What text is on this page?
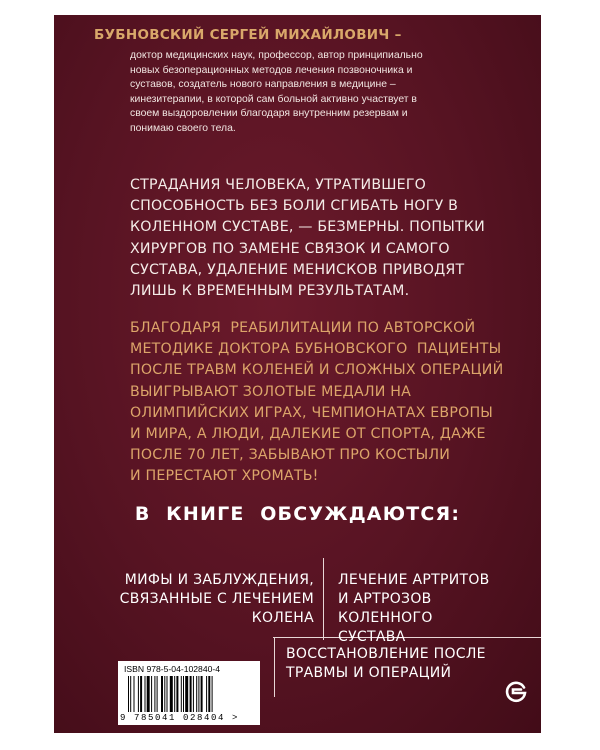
БУБНОВСКИЙ СЕРГЕЙ МИХАЙЛОВИЧ –
доктор медицинских наук, профессор, автор принципиально
новых безоперационных методов лечения позвоночника и
суставов, создатель нового направления в медицине –
кинезитерапии, в которой сам больной активно участвует в
своем выздоровлении благодаря внутренним резервам и
понимаю своего тела.
СТРАДАНИЯ ЧЕЛОВЕКА, УТРАТИВШЕГО
СПОСОБНОСТЬ БЕЗ БОЛИ СГИБАТЬ НОГУ В
КОЛЕННОМ СУСТАВЕ, — БЕЗМЕРНЫ. ПОПЫТКИ
ХИРУРГОВ ПО ЗАМЕНЕ СВЯЗОК И САМОГО
СУСТАВА, УДАЛЕНИЕ МЕНИСКОВ ПРИВОДЯТ
ЛИШЬ К ВРЕМЕННЫМ РЕЗУЛЬТАТАМ.
БЛАГОДАРЯ  РЕАБИЛИТАЦИИ ПО АВТОРСКОЙ
МЕТОДИКЕ ДОКТОРА БУБНОВСКОГО  ПАЦИЕНТЫ
ПОСЛЕ ТРАВМ КОЛЕНЕЙ И СЛОЖНЫХ ОПЕРАЦИЙ
ВЫИГРЫВАЮТ ЗОЛОТЫЕ МЕДАЛИ НА
ОЛИМПИЙСКИХ ИГРАХ, ЧЕМПИОНАТАХ ЕВРОПЫ
И МИРА, А ЛЮДИ, ДАЛЕКИЕ ОТ СПОРТА, ДАЖЕ
ПОСЛЕ 70 ЛЕТ, ЗАБЫВАЮТ ПРО КОСТЫЛИ
И ПЕРЕСТАЮТ ХРОМАТЬ!
В  КНИГЕ  ОБСУЖДАЮТСЯ:
МИФЫ И ЗАБЛУЖДЕНИЯ,
СВЯЗАННЫЕ С ЛЕЧЕНИЕМ
КОЛЕНА
ЛЕЧЕНИЕ АРТРИТОВ
И АРТРОЗОВ КОЛЕННОГО
СУСТАВА
ВОССТАНОВЛЕНИЕ ПОСЛЕ
ТРАВМЫ И ОПЕРАЦИЙ
ISBN 978-5-04-102840-4
9 785041 028404 >
